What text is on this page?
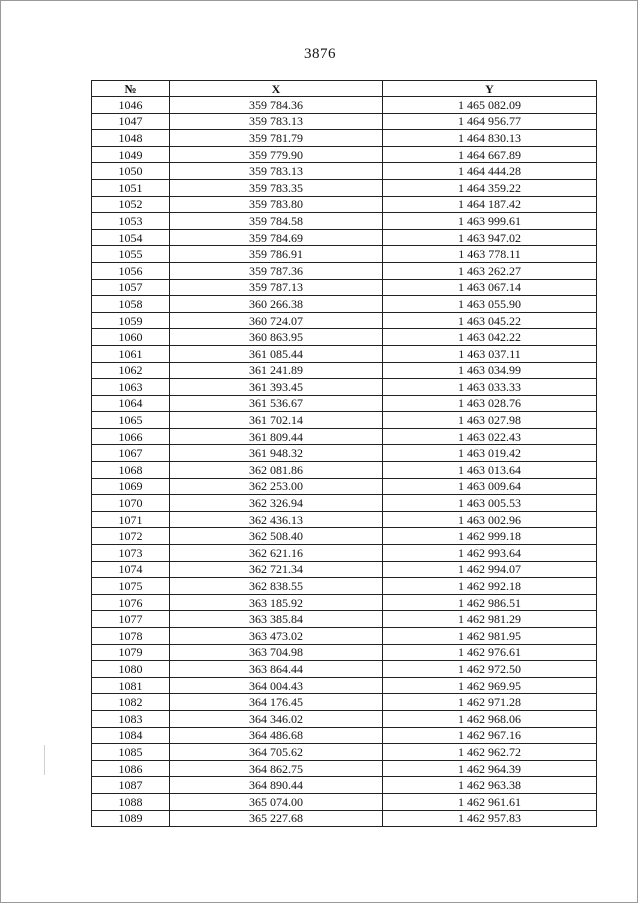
3876
№	X	Y
1046	359 784.36	1 465 082.09
1047	359 783.13	1 464 956.77
1048	359 781.79	1 464 830.13
1049	359 779.90	1 464 667.89
1050	359 783.13	1 464 444.28
1051	359 783.35	1 464 359.22
1052	359 783.80	1 464 187.42
1053	359 784.58	1 463 999.61
1054	359 784.69	1 463 947.02
1055	359 786.91	1 463 778.11
1056	359 787.36	1 463 262.27
1057	359 787.13	1 463 067.14
1058	360 266.38	1 463 055.90
1059	360 724.07	1 463 045.22
1060	360 863.95	1 463 042.22
1061	361 085.44	1 463 037.11
1062	361 241.89	1 463 034.99
1063	361 393.45	1 463 033.33
1064	361 536.67	1 463 028.76
1065	361 702.14	1 463 027.98
1066	361 809.44	1 463 022.43
1067	361 948.32	1 463 019.42
1068	362 081.86	1 463 013.64
1069	362 253.00	1 463 009.64
1070	362 326.94	1 463 005.53
1071	362 436.13	1 463 002.96
1072	362 508.40	1 462 999.18
1073	362 621.16	1 462 993.64
1074	362 721.34	1 462 994.07
1075	362 838.55	1 462 992.18
1076	363 185.92	1 462 986.51
1077	363 385.84	1 462 981.29
1078	363 473.02	1 462 981.95
1079	363 704.98	1 462 976.61
1080	363 864.44	1 462 972.50
1081	364 004.43	1 462 969.95
1082	364 176.45	1 462 971.28
1083	364 346.02	1 462 968.06
1084	364 486.68	1 462 967.16
1085	364 705.62	1 462 962.72
1086	364 862.75	1 462 964.39
1087	364 890.44	1 462 963.38
1088	365 074.00	1 462 961.61
1089	365 227.68	1 462 957.83
